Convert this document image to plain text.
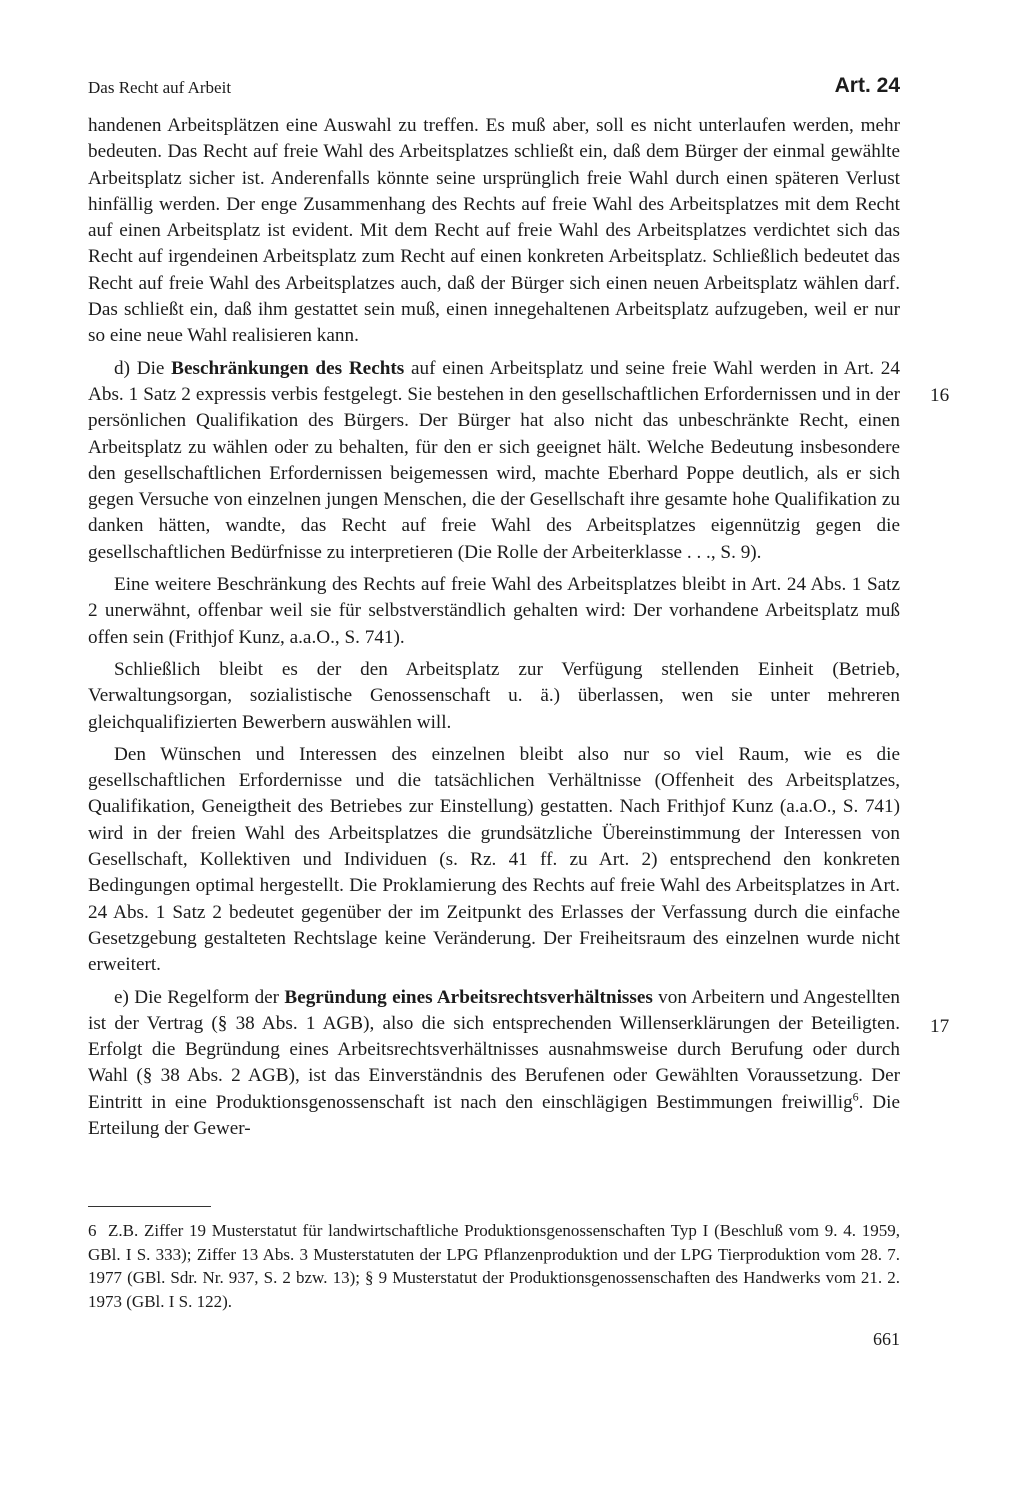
Das Recht auf Arbeit	Art. 24

handenen Arbeitsplätzen eine Auswahl zu treffen. Es muß aber, soll es nicht unterlaufen werden, mehr bedeuten. Das Recht auf freie Wahl des Arbeitsplatzes schließt ein, daß dem Bürger der einmal gewählte Arbeitsplatz sicher ist. Anderenfalls könnte seine ursprünglich freie Wahl durch einen späteren Verlust hinfällig werden. Der enge Zusammenhang des Rechts auf freie Wahl des Arbeitsplatzes mit dem Recht auf einen Arbeitsplatz ist evident. Mit dem Recht auf freie Wahl des Arbeitsplatzes verdichtet sich das Recht auf irgendeinen Arbeitsplatz zum Recht auf einen konkreten Arbeitsplatz. Schließlich bedeutet das Recht auf freie Wahl des Arbeitsplatzes auch, daß der Bürger sich einen neuen Arbeitsplatz wählen darf. Das schließt ein, daß ihm gestattet sein muß, einen innegehaltenen Arbeitsplatz aufzugeben, weil er nur so eine neue Wahl realisieren kann.

d) Die Beschränkungen des Rechts auf einen Arbeitsplatz und seine freie Wahl werden in Art. 24 Abs. 1 Satz 2 expressis verbis festgelegt. Sie bestehen in den gesellschaftlichen Erfordernissen und in der persönlichen Qualifikation des Bürgers. Der Bürger hat also nicht das unbeschränkte Recht, einen Arbeitsplatz zu wählen oder zu behalten, für den er sich geeignet hält. Welche Bedeutung insbesondere den gesellschaftlichen Erfordernissen beigemessen wird, machte Eberhard Poppe deutlich, als er sich gegen Versuche von einzelnen jungen Menschen, die der Gesellschaft ihre gesamte hohe Qualifikation zu danken hätten, wandte, das Recht auf freie Wahl des Arbeitsplatzes eigennützig gegen die gesellschaftlichen Bedürfnisse zu interpretieren (Die Rolle der Arbeiterklasse . . ., S. 9).

Eine weitere Beschränkung des Rechts auf freie Wahl des Arbeitsplatzes bleibt in Art. 24 Abs. 1 Satz 2 unerwähnt, offenbar weil sie für selbstverständlich gehalten wird: Der vorhandene Arbeitsplatz muß offen sein (Frithjof Kunz, a.a.O., S. 741).

Schließlich bleibt es der den Arbeitsplatz zur Verfügung stellenden Einheit (Betrieb, Verwaltungsorgan, sozialistische Genossenschaft u. ä.) überlassen, wen sie unter mehreren gleichqualifizierten Bewerbern auswählen will.

Den Wünschen und Interessen des einzelnen bleibt also nur so viel Raum, wie es die gesellschaftlichen Erfordernisse und die tatsächlichen Verhältnisse (Offenheit des Arbeitsplatzes, Qualifikation, Geneigtheit des Betriebes zur Einstellung) gestatten. Nach Frithjof Kunz (a.a.O., S. 741) wird in der freien Wahl des Arbeitsplatzes die grundsätzliche Übereinstimmung der Interessen von Gesellschaft, Kollektiven und Individuen (s. Rz. 41 ff. zu Art. 2) entsprechend den konkreten Bedingungen optimal hergestellt. Die Proklamierung des Rechts auf freie Wahl des Arbeitsplatzes in Art. 24 Abs. 1 Satz 2 bedeutet gegenüber der im Zeitpunkt des Erlasses der Verfassung durch die einfache Gesetzgebung gestalteten Rechtslage keine Veränderung. Der Freiheitsraum des einzelnen wurde nicht erweitert.

e) Die Regelform der Begründung eines Arbeitsrechtsverhältnisses von Arbeitern und Angestellten ist der Vertrag (§ 38 Abs. 1 AGB), also die sich entsprechenden Willenserklärungen der Beteiligten. Erfolgt die Begründung eines Arbeitsrechtsverhältnisses ausnahmsweise durch Berufung oder durch Wahl (§ 38 Abs. 2 AGB), ist das Einverständnis des Berufenen oder Gewählten Voraussetzung. Der Eintritt in eine Produktionsgenossenschaft ist nach den einschlägigen Bestimmungen freiwillig$^6$. Die Erteilung der Gewer-

16
17
6 Z.B. Ziffer 19 Musterstatut für landwirtschaftliche Produktionsgenossenschaften Typ I (Beschluß vom 9. 4. 1959, GBl. I S. 333); Ziffer 13 Abs. 3 Musterstatuten der LPG Pflanzenproduktion und der LPG Tierproduktion vom 28. 7. 1977 (GBl. Sdr. Nr. 937, S. 2 bzw. 13); § 9 Musterstatut der Produktionsgenossenschaften des Handwerks vom 21. 2. 1973 (GBl. I S. 122).
661
